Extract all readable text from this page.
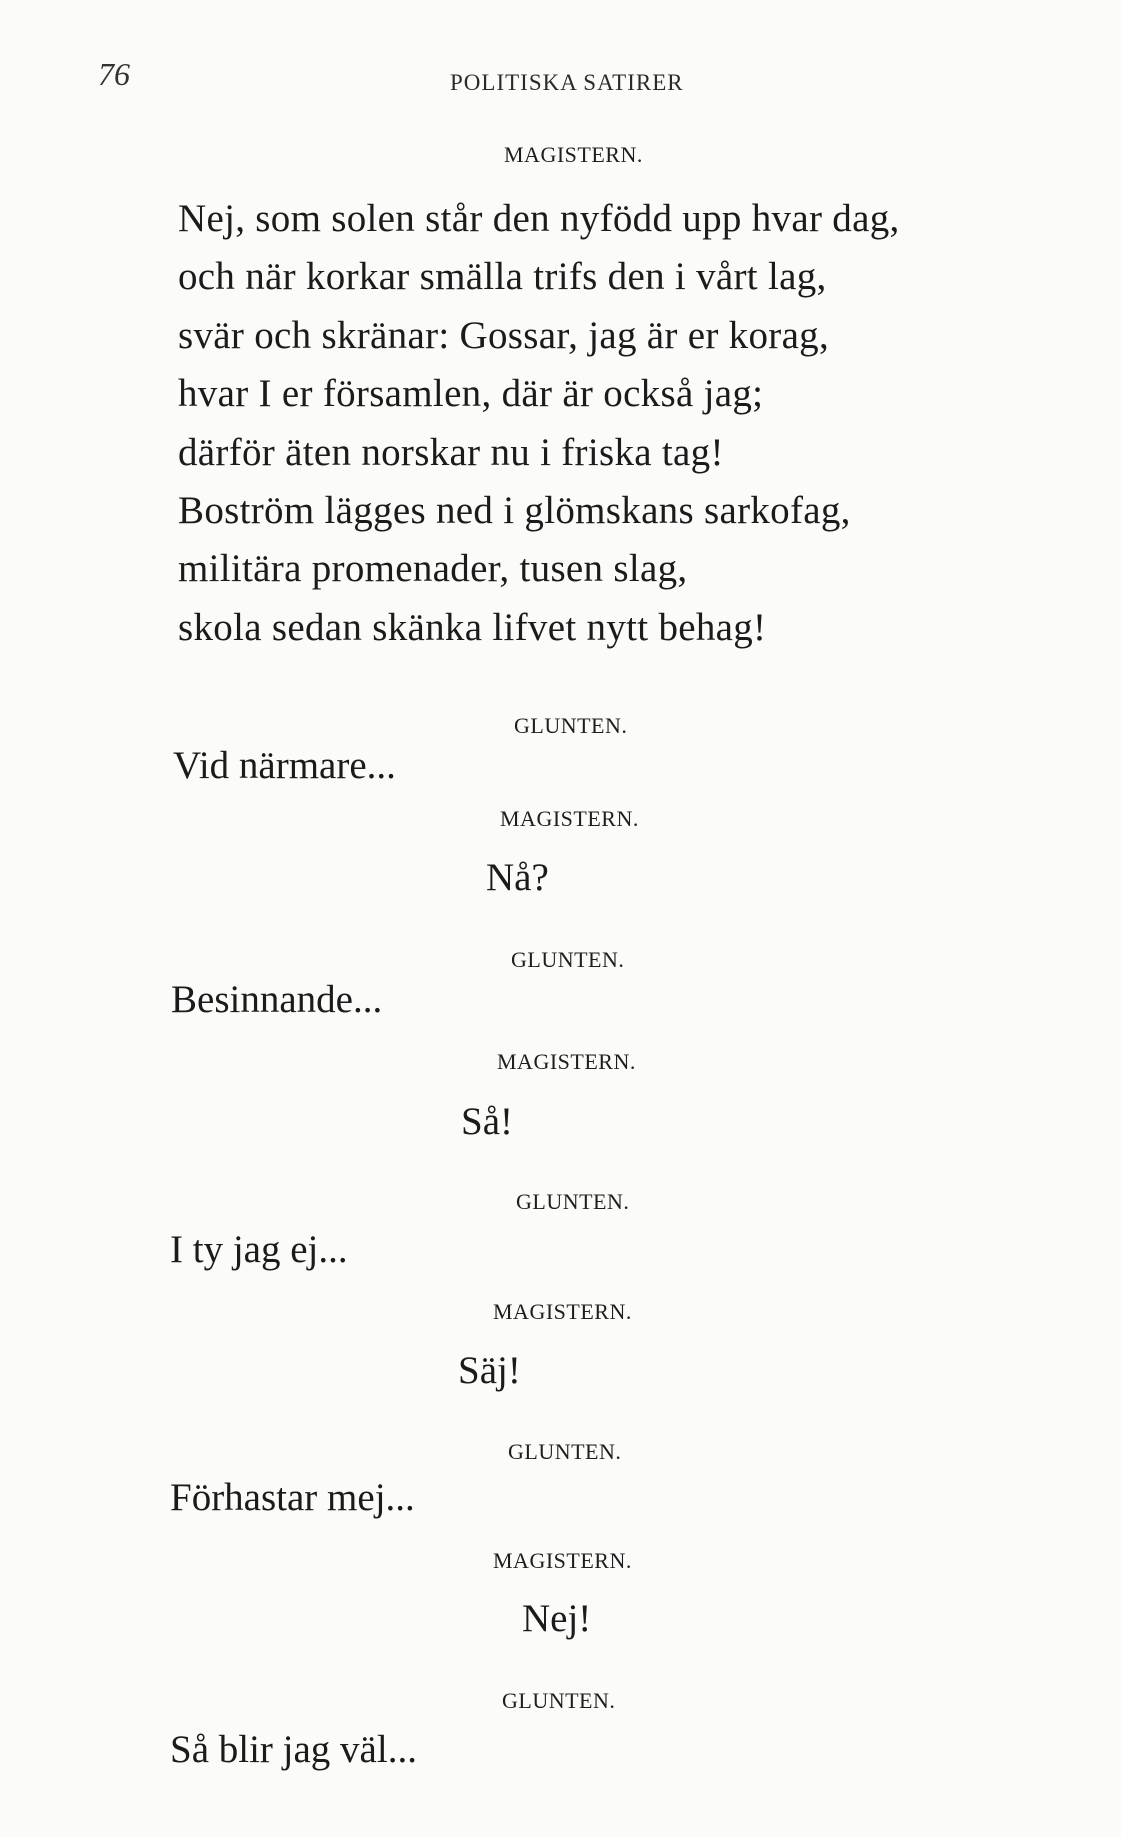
76	POLITISKA SATIRER
MAGISTERN.
Nej, som solen står den nyfödd upp hvar dag,
och när korkar smälla trifs den i vårt lag,
svär och skränar: Gossar, jag är er korag,
hvar I er församlen, där är också jag;
därför äten norskar nu i friska tag!
Boström lägges ned i glömskans sarkofag,
militära promenader, tusen slag,
skola sedan skänka lifvet nytt behag!
GLUNTEN.
Vid närmare...
MAGISTERN.
Nå?
GLUNTEN.
Besinnande...
MAGISTERN.
Så!
GLUNTEN.
I ty jag ej...
MAGISTERN.
Säj!
GLUNTEN.
Förhastar mej...
MAGISTERN.
Nej!
GLUNTEN.
Så blir jag väl...
